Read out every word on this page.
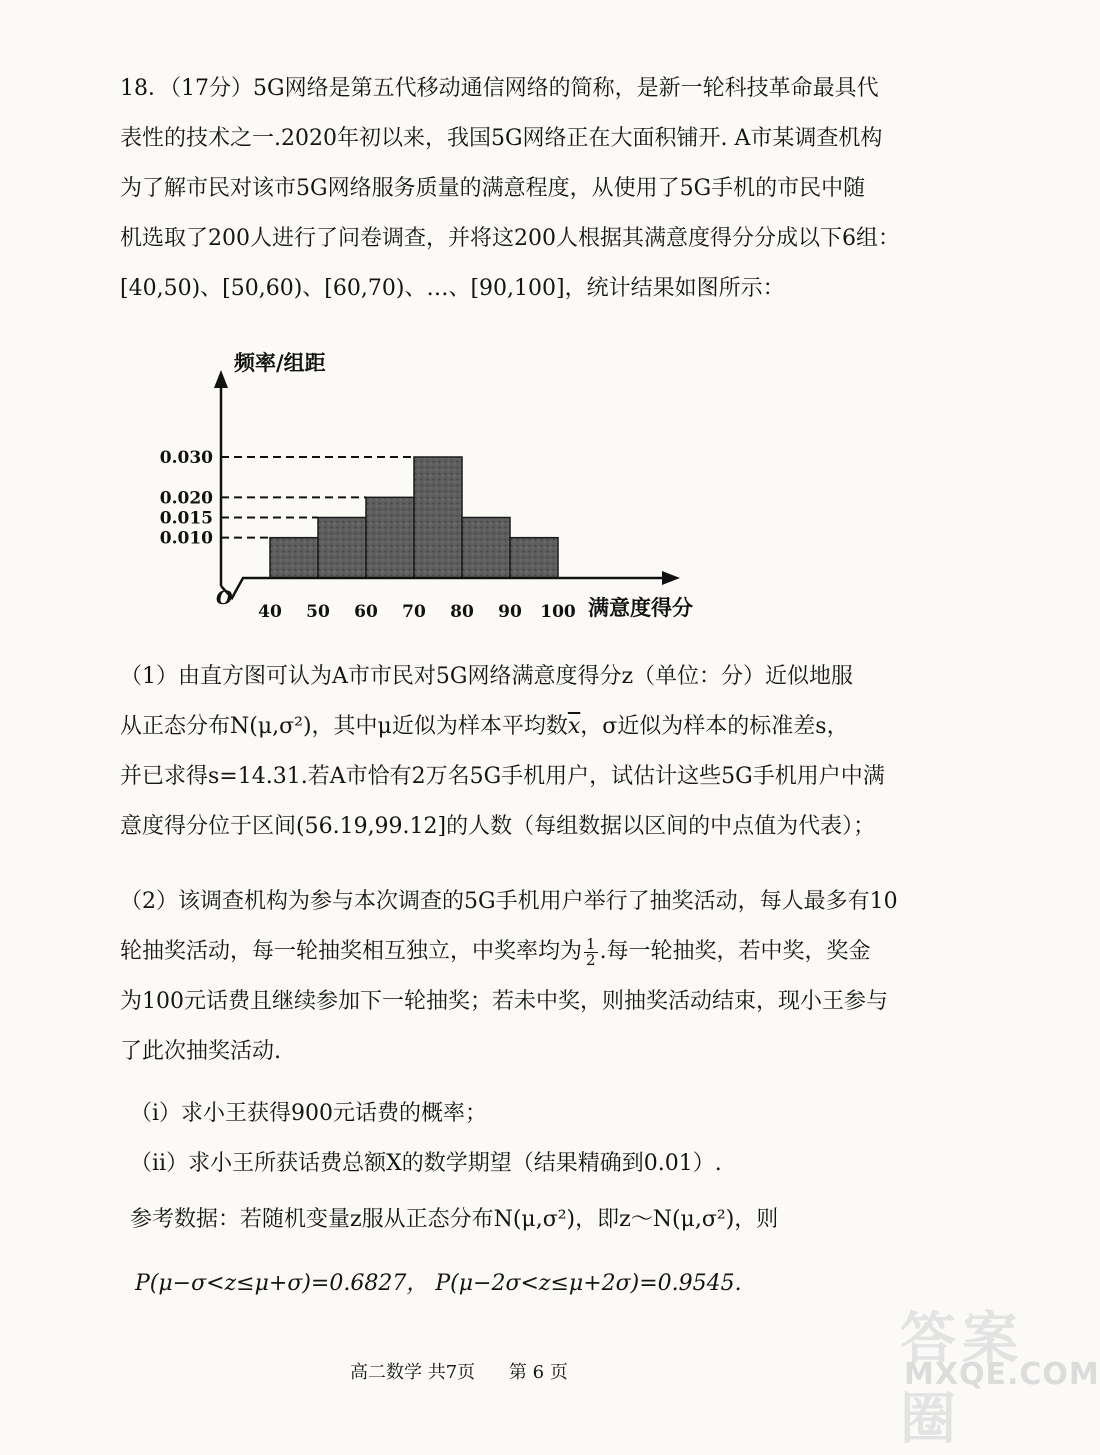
18．（17分）5G网络是第五代移动通信网络的简称，是新一轮科技革命最具代
表性的技术之一.2020年初以来，我国5G网络正在大面积铺开. A市某调查机构
为了解市民对该市5G网络服务质量的满意程度，从使用了5G手机的市民中随
机选取了200人进行了问卷调查，并将这200人根据其满意度得分分成以下6组：
[40,50)、[50,60)、[60,70)、…、[90,100]，统计结果如图所示：
0.010
0.015
0.020
0.030
40 50 60 70 80 90 100
频率/组距
满意度得分
O
（1）由直方图可认为A市市民对5G网络满意度得分z（单位：分）近似地服
从正态分布N(μ,σ²)，其中μ近似为样本平均数$\overline{x}$，σ近似为样本的标准差s，
并已求得s=14.31.若A市恰有2万名5G手机用户，试估计这些5G手机用户中满
意度得分位于区间(56.19,99.12]的人数（每组数据以区间的中点值为代表）；
（2）该调查机构为参与本次调查的5G手机用户举行了抽奖活动，每人最多有10
轮抽奖活动，每一轮抽奖相互独立，中奖率均为 $\frac{1}{2}$ .每一轮抽奖，若中奖，奖金
为100元话费且继续参加下一轮抽奖；若未中奖，则抽奖活动结束，现小王参与
了此次抽奖活动.
（ⅰ）求小王获得900元话费的概率；
（ⅱ）求小王所获话费总额X的数学期望（结果精确到0.01）.
参考数据：若随机变量z服从正态分布N(μ,σ²)，即z～N(μ,σ²)，则
P(μ−σ<z≤μ+σ)=0.6827， P(μ−2σ<z≤μ+2σ)=0.9545.
高二数学 共7页 第 6 页
答案圈
MXQE.COM
